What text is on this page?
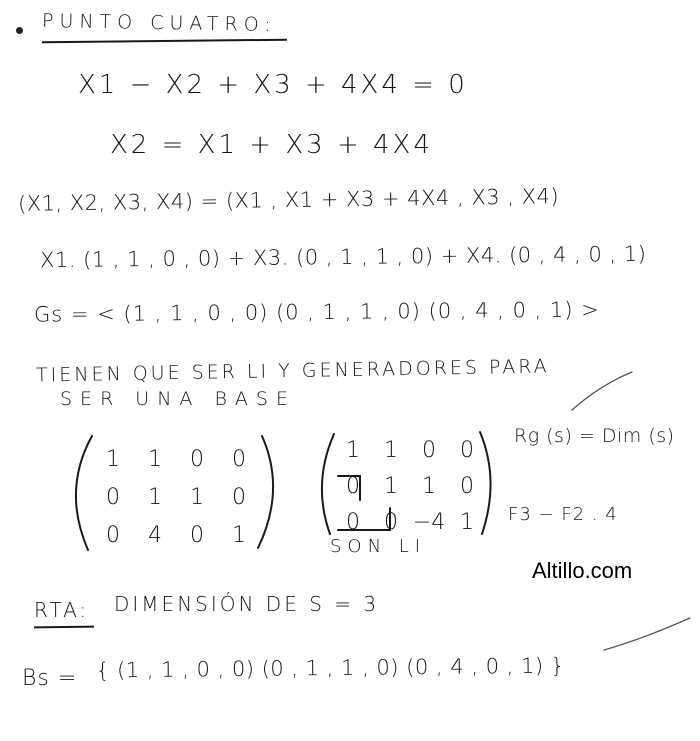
PUNTO CUATRO:
X1 − X2 + X3 + 4X4 = 0
X2 = X1 + X3 + 4X4
(X1, X2, X3, X4) = (X1 , X1 + X3 + 4X4 , X3 , X4)
X1. (1 , 1 , 0 , 0) + X3. (0 , 1 , 1 , 0) + X4. (0 , 4 , 0 , 1)
Gs = < (1 , 1 , 0 , 0) (0 , 1 , 1 , 0) (0 , 4 , 0 , 1) >
TIENEN QUE SER LI Y GENERADORES PARA
SER UNA BASE
1	1	0	0
0	1	1	0
0	4	0	1
1	1	0	0
0	1	1	0
0	0	−4	1
SON LI
Rg (s) = Dim (s)
F3 − F2 . 4
Altillo.com
RTA: DIMENSIÓN DE S = 3
Bs = { (1 , 1 , 0 , 0) (0 , 1 , 1 , 0) (0 , 4 , 0 , 1) }
